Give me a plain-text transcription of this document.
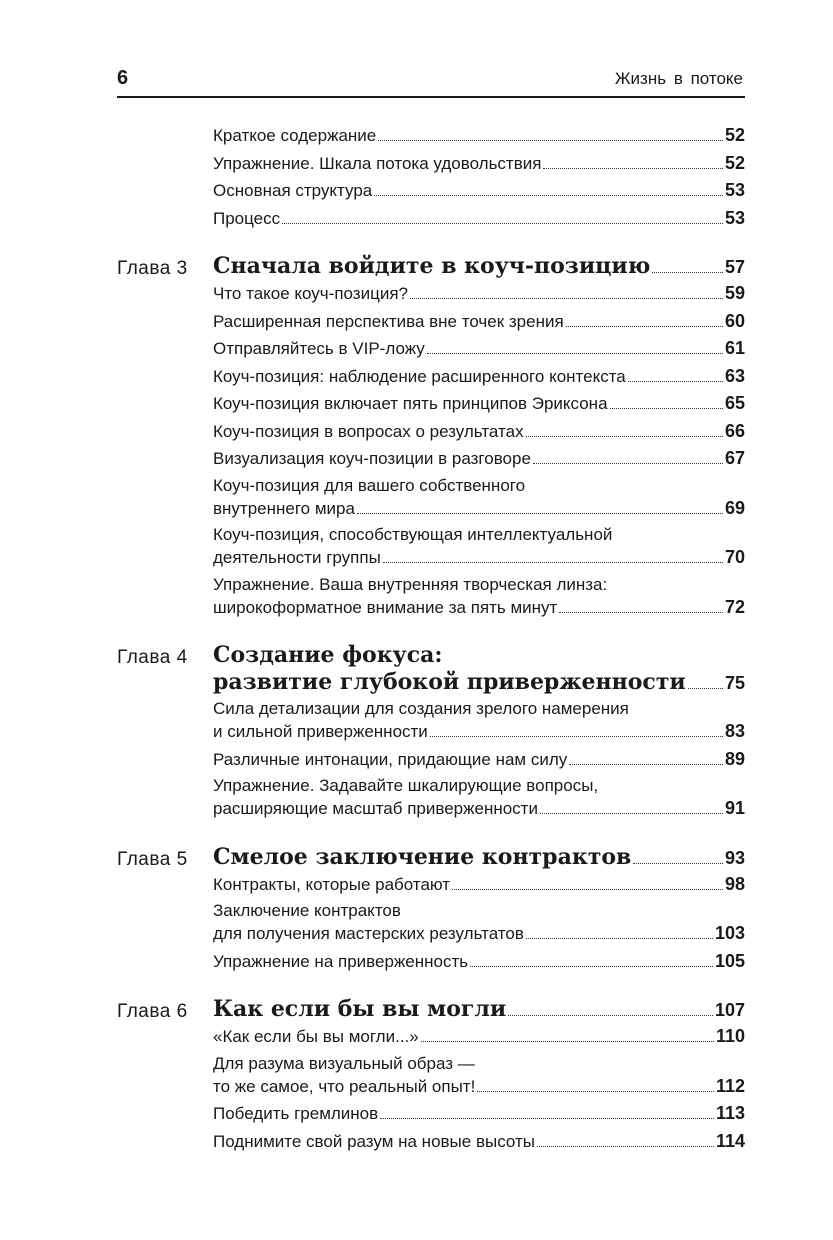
6	Жизнь в потоке
Краткое содержание	52
Упражнение. Шкала потока удовольствия	52
Основная структура	53
Процесс	53
Глава 3	Сначала войдите в коуч-позицию	57
Что такое коуч-позиция?	59
Расширенная перспектива вне точек зрения	60
Отправляйтесь в VIP-ложу	61
Коуч-позиция: наблюдение расширенного контекста	63
Коуч-позиция включает пять принципов Эриксона	65
Коуч-позиция в вопросах о результатах	66
Визуализация коуч-позиции в разговоре	67
Коуч-позиция для вашего собственного
внутреннего мира	69
Коуч-позиция, способствующая интеллектуальной
деятельности группы	70
Упражнение. Ваша внутренняя творческая линза:
широкоформатное внимание за пять минут	72
Глава 4	Создание фокуса:
развитие глубокой приверженности 75
Сила детализации для создания зрелого намерения
и сильной приверженности	83
Различные интонации, придающие нам силу	89
Упражнение. Задавайте шкалирующие вопросы,
расширяющие масштаб приверженности	91
Глава 5	Смелое заключение контрактов	93
Контракты, которые работают	98
Заключение контрактов
для получения мастерских результатов	103
Упражнение на приверженность	105
Глава 6	Как если бы вы могли	107
«Как если бы вы могли...»	110
Для разума визуальный образ —
то же самое, что реальный опыт!	112
Победить гремлинов	113
Поднимите свой разум на новые высоты	114
